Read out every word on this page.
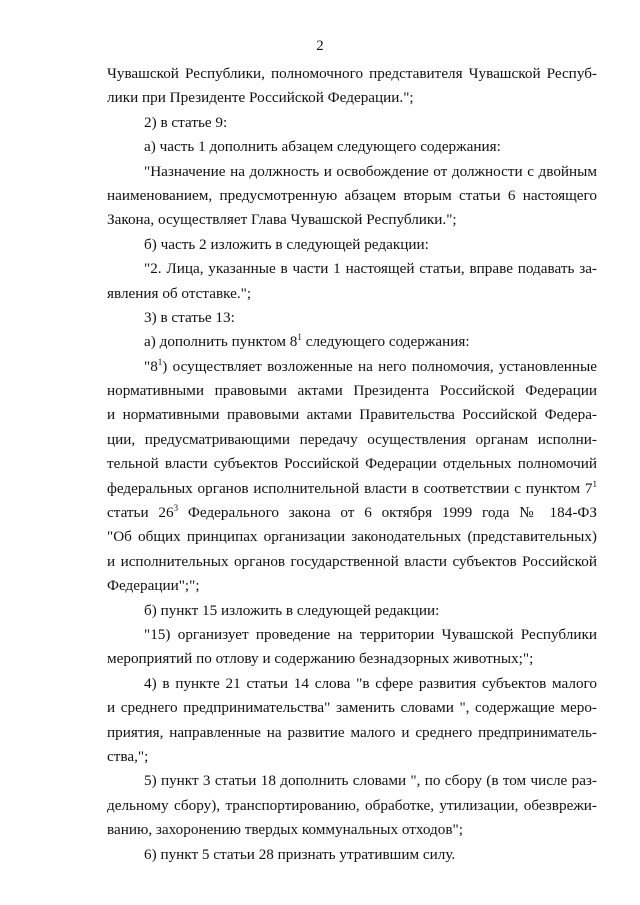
2
Чувашской Республики, полномочного представителя Чувашской Респуб-
лики при Президенте Российской Федерации.";
2) в статье 9:
а) часть 1 дополнить абзацем следующего содержания:
"Назначение на должность и освобождение от должности с двойным
наименованием, предусмотренную абзацем вторым статьи 6 настоящего
Закона, осуществляет Глава Чувашской Республики.";
б) часть 2 изложить в следующей редакции:
"2. Лица, указанные в части 1 настоящей статьи, вправе подавать за-
явления об отставке.";
3) в статье 13:
а) дополнить пунктом $8^1$ следующего содержания:
"$8^1$) осуществляет возложенные на него полномочия, установленные
нормативными правовыми актами Президента Российской Федерации
и нормативными правовыми актами Правительства Российской Федера-
ции, предусматривающими передачу осуществления органам исполни-
тельной власти субъектов Российской Федерации отдельных полномочий
федеральных органов исполнительной власти в соответствии с пунктом $7^1$
статьи $26^3$ Федерального закона от 6 октября 1999 года № 184-ФЗ
"Об общих принципах организации законодательных (представительных)
и исполнительных органов государственной власти субъектов Российской
Федерации";";
б) пункт 15 изложить в следующей редакции:
"15) организует проведение на территории Чувашской Республики
мероприятий по отлову и содержанию безнадзорных животных;";
4) в пункте 21 статьи 14 слова "в сфере развития субъектов малого
и среднего предпринимательства" заменить словами ", содержащие меро-
приятия, направленные на развитие малого и среднего предприниматель-
ства,";
5) пункт 3 статьи 18 дополнить словами ", по сбору (в том числе раз-
дельному сбору), транспортированию, обработке, утилизации, обезврежи-
ванию, захоронению твердых коммунальных отходов";
6) пункт 5 статьи 28 признать утратившим силу.
